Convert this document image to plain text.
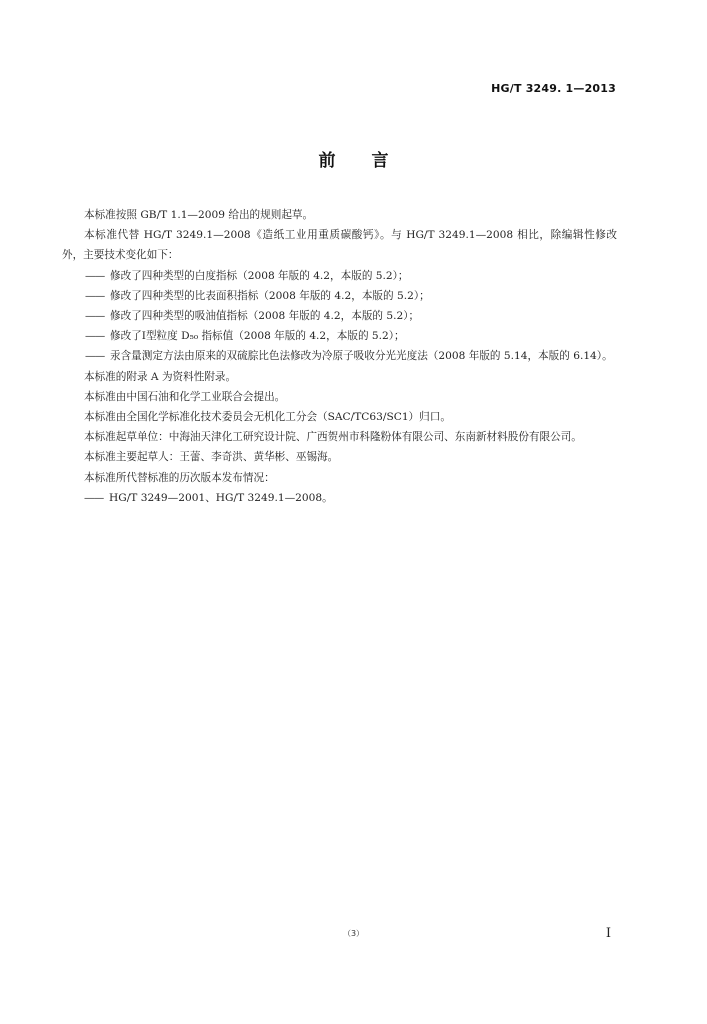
HG/T 3249. 1—2013
前言

本标准按照 GB/T 1.1—2009 给出的规则起草。

本标准代替 HG/T 3249.1—2008《造纸工业用重质碳酸钙》。与 HG/T 3249.1—2008 相比，除编辑性修改外，主要技术变化如下：

—— 修改了四种类型的白度指标（2008 年版的 4.2，本版的 5.2）；

—— 修改了四种类型的比表面积指标（2008 年版的 4.2，本版的 5.2）；

—— 修改了四种类型的吸油值指标（2008 年版的 4.2，本版的 5.2）；

—— 修改了Ⅰ型粒度 D₅₀ 指标值（2008 年版的 4.2，本版的 5.2）；

—— 汞含量测定方法由原来的双硫腙比色法修改为冷原子吸收分光光度法（2008 年版的 5.14，本版的 6.14）。

本标准的附录 A 为资料性附录。

本标准由中国石油和化学工业联合会提出。

本标准由全国化学标准化技术委员会无机化工分会（SAC/TC63/SC1）归口。

本标准起草单位：中海油天津化工研究设计院、广西贺州市科隆粉体有限公司、东南新材料股份有限公司。

本标准主要起草人：王蕾、李奇洪、黄华彬、巫锡海。

本标准所代替标准的历次版本发布情况：

—— HG/T 3249—2001、HG/T 3249.1—2008。

（3）	Ⅰ
